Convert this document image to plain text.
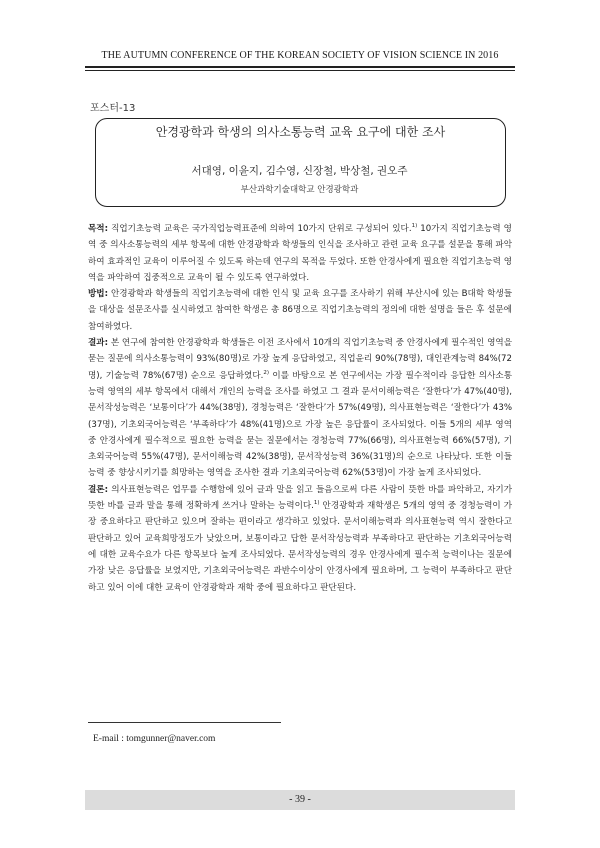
THE AUTUMN CONFERENCE OF THE KOREAN SOCIETY OF VISION SCIENCE IN 2016
포스터-13
안경광학과 학생의 의사소통능력 교육 요구에 대한 조사
서대영, 이윤지, 김수영, 신장철, 박상철, 권오주
부산과학기술대학교 안경광학과

목적: 직업기초능력 교육은 국가직업능력표준에 의하여 10가지 단위로 구성되어 있다.$^{1)}$ 10가지 직업기초능력 영역 중 의사소통능력의 세부 항목에 대한 안경광학과 학생들의 인식을 조사하고 관련 교육 요구를 설문을 통해 파악하여 효과적인 교육이 이루어질 수 있도록 하는데 연구의 목적을 두었다. 또한 안경사에게 필요한 직업기초능력 영역을 파악하여 집중적으로 교육이 될 수 있도록 연구하였다.

방법: 안경광학과 학생들의 직업기초능력에 대한 인식 및 교육 요구를 조사하기 위해 부산시에 있는 B대학 학생들을 대상을 설문조사를 실시하였고 참여한 학생은 총 86명으로 직업기초능력의 정의에 대한 설명을 들은 후 설문에 참여하였다.

결과: 본 연구에 참여한 안경광학과 학생들은 이전 조사에서 10개의 직업기초능력 중 안경사에게 필수적인 영역을 묻는 질문에 의사소통능력이 93%(80명)로 가장 높게 응답하였고, 직업윤리 90%(78명), 대인관계능력 84%(72명), 기술능력 78%(67명) 순으로 응답하였다.$^{2)}$ 이를 바탕으로 본 연구에서는 가장 필수적이라 응답한 의사소통능력 영역의 세부 항목에서 대해서 개인의 능력을 조사를 하였고 그 결과 문서이해능력은 ‘잘한다’가 47%(40명), 문서작성능력은 ‘보통이다’가 44%(38명), 경청능력은 ‘잘한다’가 57%(49명), 의사표현능력은 ‘잘한다’가 43%(37명), 기초외국어능력은 ‘부족하다’가 48%(41명)으로 가장 높은 응답률이 조사되었다. 이들 5개의 세부 영역 중 안경사에게 필수적으로 필요한 능력을 묻는 질문에서는 경청능력 77%(66명), 의사표현능력 66%(57명), 기초외국어능력 55%(47명), 문서이해능력 42%(38명), 문서작성능력 36%(31명)의 순으로 나타났다. 또한 이들 능력 중 향상시키기를 희망하는 영역을 조사한 결과 기초외국어능력 62%(53명)이 가장 높게 조사되었다.

결론: 의사표현능력은 업무를 수행함에 있어 글과 말을 읽고 들음으로써 다른 사람이 뜻한 바를 파악하고, 자기가 뜻한 바를 글과 말을 통해 정확하게 쓰거나 말하는 능력이다.$^{1)}$ 안경광학과 재학생은 5개의 영역 중 경청능력이 가장 중요하다고 판단하고 있으며 잘하는 편이라고 생각하고 있었다. 문서이해능력과 의사표현능력 역시 잘한다고 판단하고 있어 교육희망정도가 낮았으며, 보통이라고 답한 문서작성능력과 부족하다고 판단하는 기초외국어능력에 대한 교육수요가 다른 항목보다 높게 조사되었다. 문서작성능력의 경우 안경사에게 필수적 능력이나는 질문에 가장 낮은 응답률을 보였지만, 기초외국어능력은 과반수이상이 안경사에게 필요하며, 그 능력이 부족하다고 판단하고 있어 이에 대한 교육이 안경광학과 재학 중에 필요하다고 판단된다.

E-mail : tomgunner@naver.com
- 39 -
